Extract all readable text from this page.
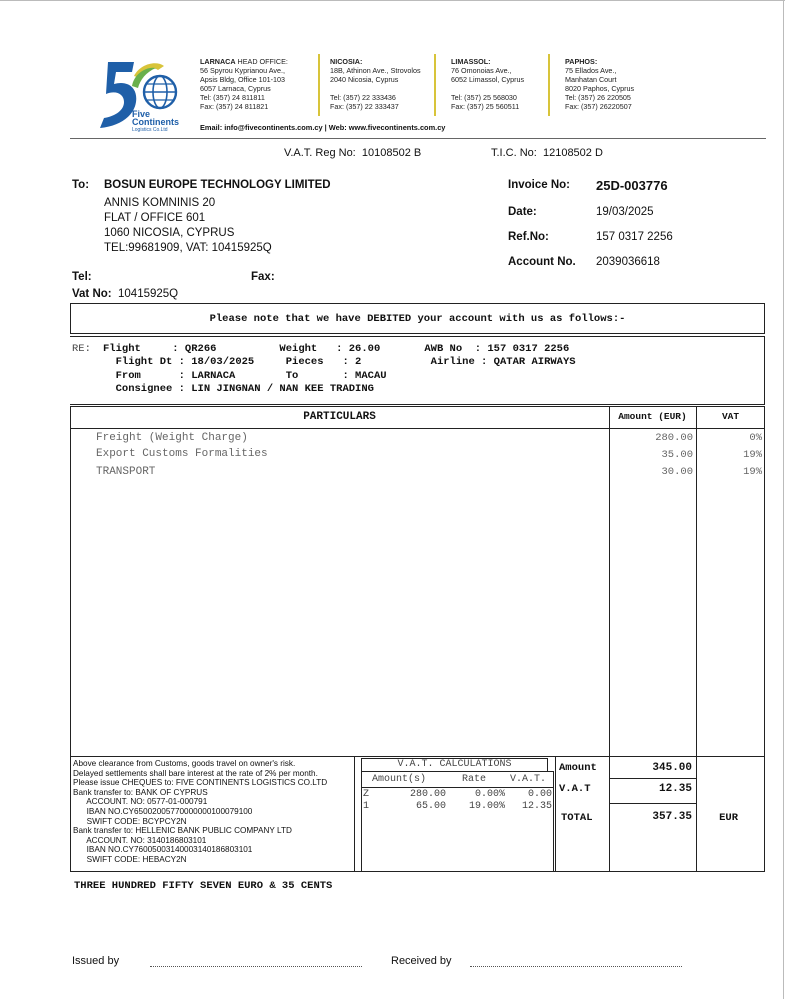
Five
Continents
Logistics Co.Ltd
LARNACA HEAD OFFICE:
56 Spyrou Kyprianou Ave.,
Apsis Bldg, Office 101-103
6057 Larnaca, Cyprus
Tel: (357) 24 811811
Fax: (357) 24 811821
NICOSIA:
18B, Athinon Ave., Strovolos
2040 Nicosia, Cyprus
Tel: (357) 22 333436
Fax: (357) 22 333437
LIMASSOL:
76 Omonoias Ave.,
6052 Limassol, Cyprus
Tel: (357) 25 568030
Fax: (357) 25 560511
PAPHOS:
75 Ellados Ave.,
Manhatan Court
8020 Paphos, Cyprus
Tel: (357) 26 220505
Fax: (357) 26220507
Email: info@fivecontinents.com.cy | Web: www.fivecontinents.com.cy
V.A.T. Reg No: 10108502 B	T.I.C. No: 12108502 D
To: BOSUN EUROPE TECHNOLOGY LIMITED
ANNIS KOMNINIS 20
FLAT / OFFICE 601
1060 NICOSIA, CYPRUS
TEL:99681909, VAT: 10415925Q
Tel:	Fax:
Vat No: 10415925Q
Invoice No: 25D-003776
Date:	19/03/2025
Ref.No:	157 0317 2256
Account No. 2039036618
Please note that we have DEBITED your account with us as follows:-
RE: Flight     : QR266          Weight   : 26.00       AWB No  : 157 0317 2256
Flight Dt : 18/03/2025     Pieces   : 2           Airline : QATAR AIRWAYS
From      : LARNACA        To       : MACAU
Consignee : LIN JINGNAN / NAN KEE TRADING
PARTICULARS	Amount (EUR)	VAT
Freight (Weight Charge)	280.00	0%
Export Customs Formalities	35.00	19%
TRANSPORT	30.00	19%
Above clearance from Customs, goods travel on owner's risk.
Delayed settlements shall bare interest at the rate of 2% per month.
Please issue CHEQUES to: FIVE CONTINENTS LOGISTICS CO.LTD
Bank transfer to: BANK OF CYPRUS
ACCOUNT. NO: 0577-01-000791
IBAN NO.CY65002005770000000100079100
SWIFT CODE: BCYPCY2N
Bank transfer to: HELLENIC BANK PUBLIC COMPANY LTD
ACCOUNT. NO: 3140186803101
IBAN NO.CY76005003140003140186803101
SWIFT CODE: HEBACY2N
V.A.T. CALCULATIONS
Amount(s)	Rate V.A.T.
Z	280.00	0.00%	0.00
1	65.00	19.00%	12.35
Amount	345.00
V.A.T	12.35
TOTAL	357.35	EUR
THREE HUNDRED FIFTY SEVEN EURO & 35 CENTS
Issued by	Received by
